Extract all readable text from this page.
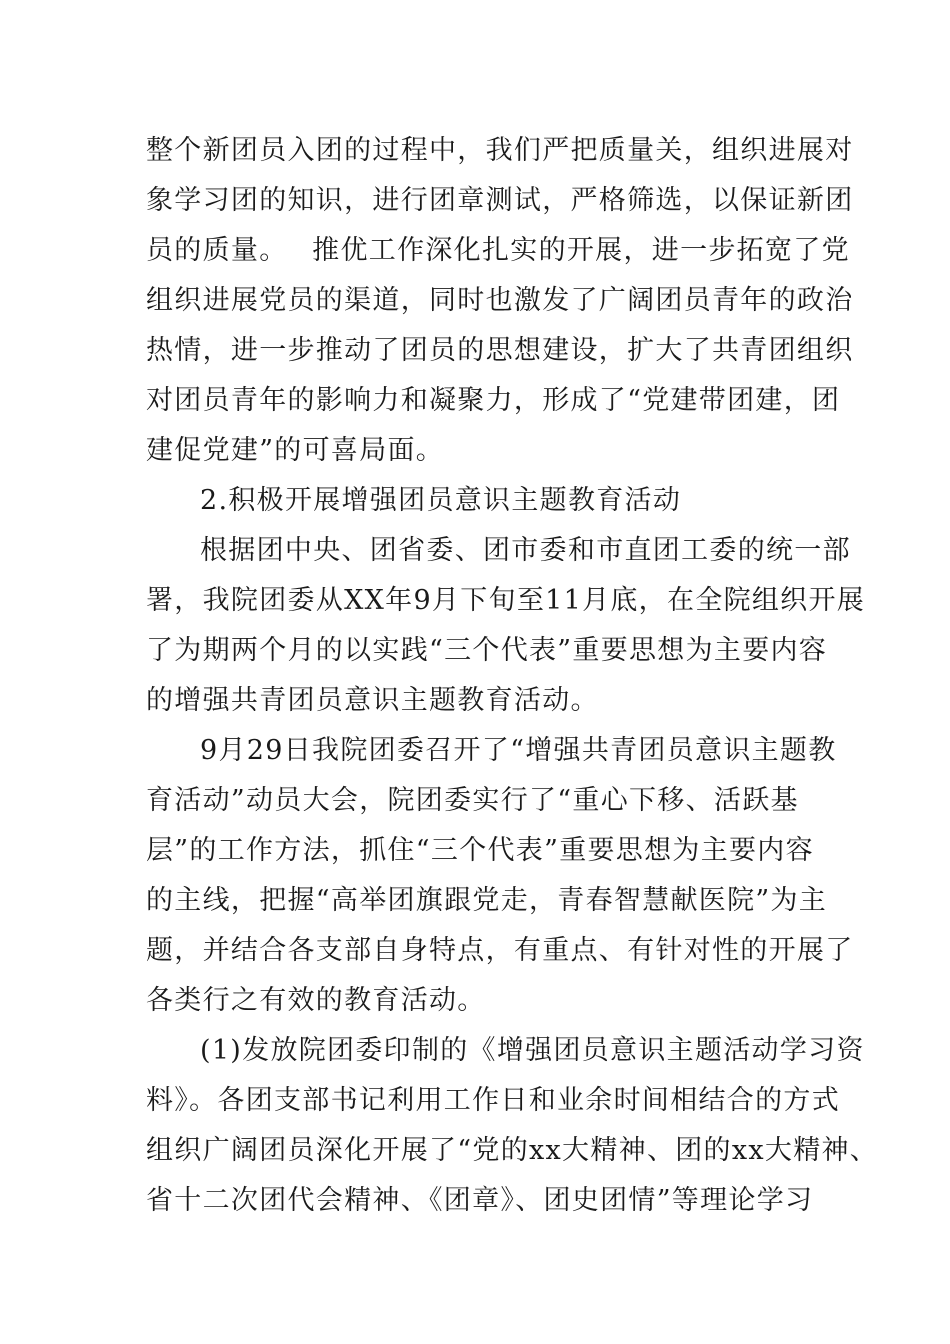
整个新团员入团的过程中，我们严把质量关，组织进展对
象学习团的知识，进行团章测试，严格筛选，以保证新团
员的质量。　 推优工作深化扎实的开展，进一步拓宽了党
组织进展党员的渠道，同时也激发了广阔团员青年的政治
热情，进一步推动了团员的思想建设，扩大了共青团组织
对团员青年的影响力和凝聚力，形成了“党建带团建，团
建促党建”的可喜局面。
2.积极开展增强团员意识主题教育活动
根据团中央、团省委、团市委和市直团工委的统一部
署，我院团委从XX年9月下旬至11月底，在全院组织开展
了为期两个月的以实践“三个代表”重要思想为主要内容
的增强共青团员意识主题教育活动。
9月29日我院团委召开了“增强共青团员意识主题教
育活动”动员大会，院团委实行了“重心下移、活跃基
层”的工作方法，抓住“三个代表”重要思想为主要内容
的主线，把握“高举团旗跟党走，青春智慧献医院”为主
题，并结合各支部自身特点，有重点、有针对性的开展了
各类行之有效的教育活动。
(1)发放院团委印制的《增强团员意识主题活动学习资
料》。各团支部书记利用工作日和业余时间相结合的方式
组织广阔团员深化开展了“党的xx大精神、团的xx大精神、
省十二次团代会精神、《团章》、团史团情”等理论学习
